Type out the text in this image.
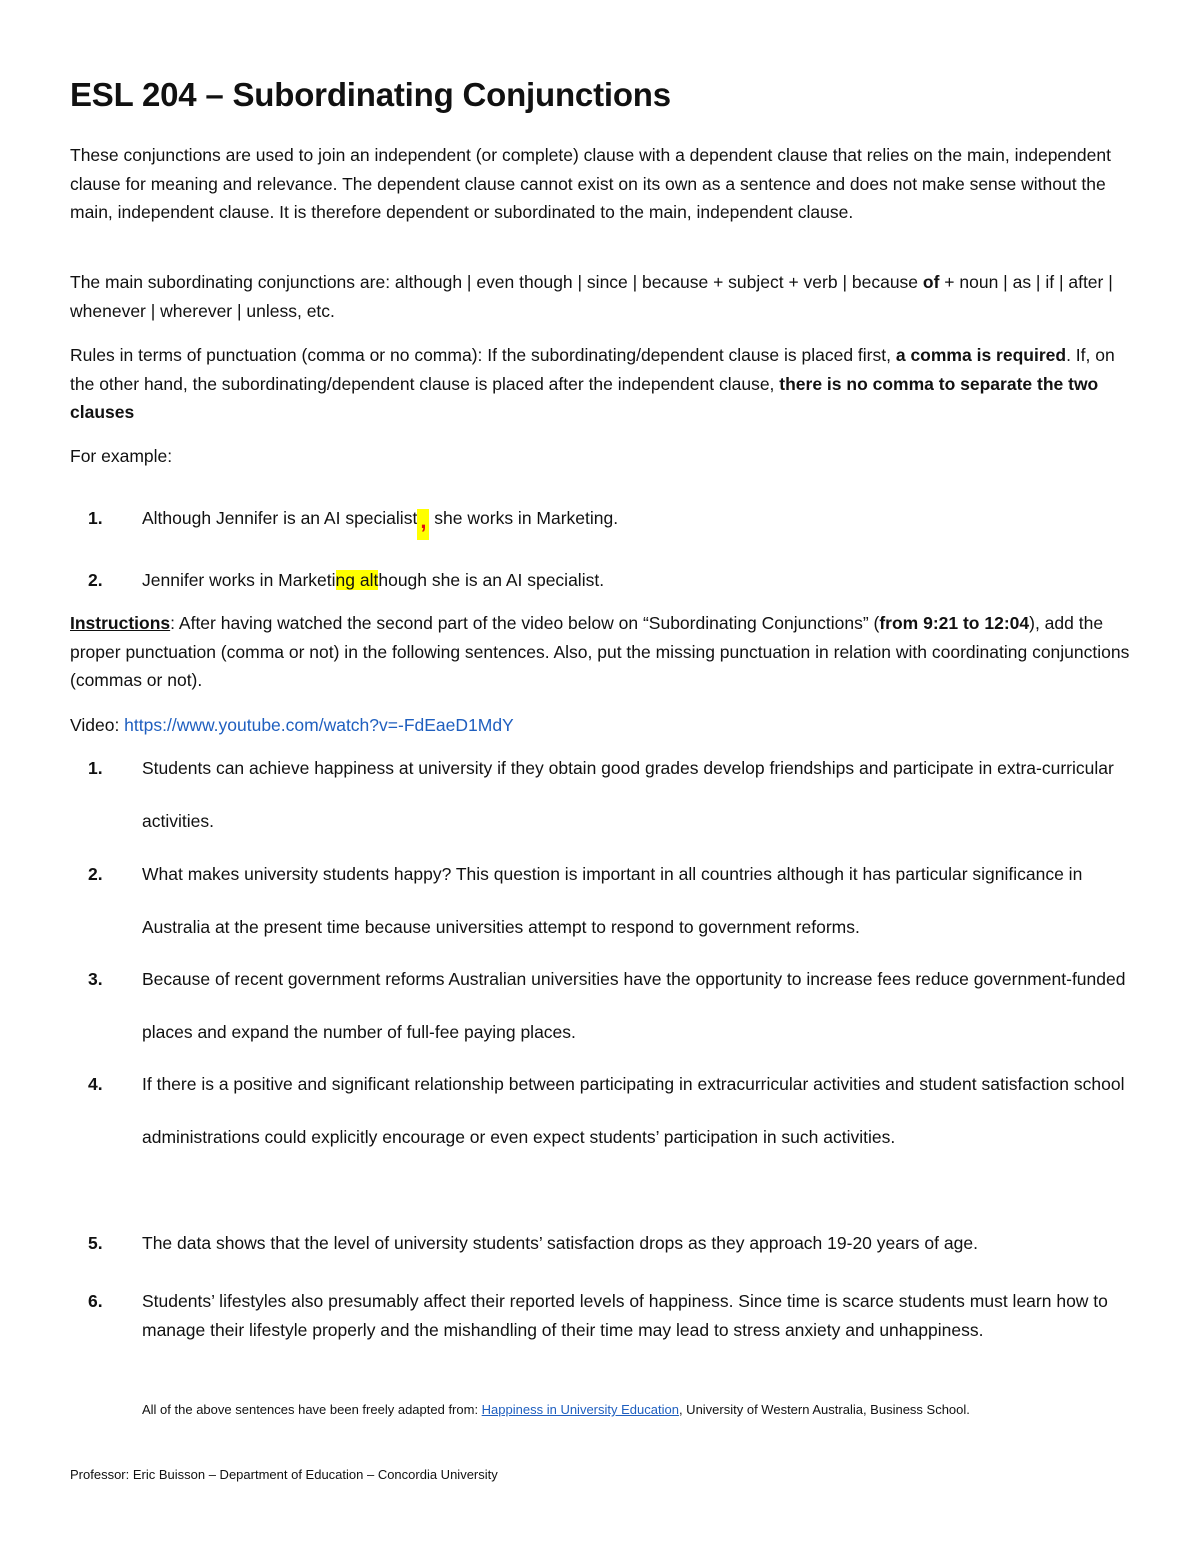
ESL 204 – Subordinating Conjunctions

These conjunctions are used to join an independent (or complete) clause with a dependent clause that relies on the main, independent clause for meaning and relevance. The dependent clause cannot exist on its own as a sentence and does not make sense without the main, independent clause. It is therefore dependent or subordinated to the main, independent clause.

The main subordinating conjunctions are: although | even though | since | because + subject + verb | because of + noun | as | if | after | whenever | wherever | unless, etc.

Rules in terms of punctuation (comma or no comma): If the subordinating/dependent clause is placed first, a comma is required. If, on the other hand, the subordinating/dependent clause is placed after the independent clause, there is no comma to separate the two clauses

For example:

1. Although Jennifer is an AI specialist , she works in Marketing.
2. Jennifer works in Marketing although she is an AI specialist.

Instructions: After having watched the second part of the video below on “Subordinating Conjunctions” (from 9:21 to 12:04), add the proper punctuation (comma or not) in the following sentences. Also, put the missing punctuation in relation with coordinating conjunctions (commas or not).

Video: https://www.youtube.com/watch?v=-FdEaeD1MdY

1. Students can achieve happiness at university if they obtain good grades develop friendships and participate in extra-curricular activities.
2. What makes university students happy? This question is important in all countries although it has particular significance in Australia at the present time because universities attempt to respond to government reforms.
3. Because of recent government reforms Australian universities have the opportunity to increase fees reduce government-funded places and expand the number of full-fee paying places.
4. If there is a positive and significant relationship between participating in extracurricular activities and student satisfaction school administrations could explicitly encourage or even expect students’ participation in such activities.
5. The data shows that the level of university students’ satisfaction drops as they approach 19-20 years of age.
6. Students’ lifestyles also presumably affect their reported levels of happiness. Since time is scarce students must learn how to manage their lifestyle properly and the mishandling of their time may lead to stress anxiety and unhappiness.

All of the above sentences have been freely adapted from: Happiness in University Education, University of Western Australia, Business School.

Professor: Eric Buisson – Department of Education – Concordia University
